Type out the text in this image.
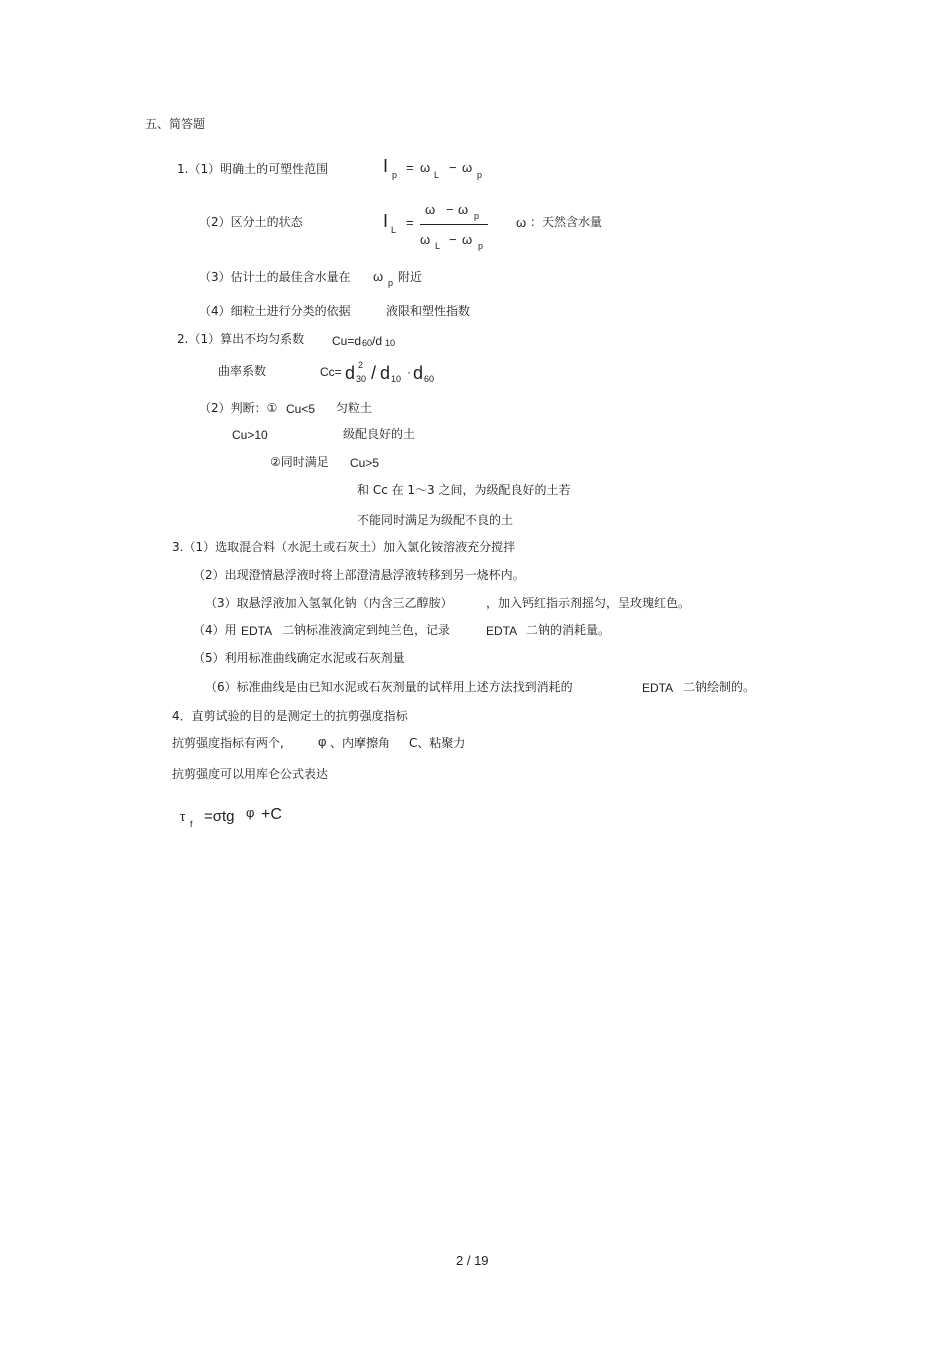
五、简答题
1.（1）明确土的可塑性范围	I p = ω L − ω p
（2）区分土的状态	I L =
ω − ω p
ω L − ω p
ω ：天然含水量
（3）估计土的最佳含水量在 ω p 附近
（4）细粒土进行分类的依据	液限和塑性指数
2.（1）算出不均匀系数 Cu=d 60 /d 10
曲率系数	Cc= d 2
30 / d 10 · d 60
（2）判断：① Cu<5 匀粒土
Cu>10	级配良好的土
②同时满足 Cu>5
和 Cc 在 1～3 之间，为级配良好的土若
不能同时满足为级配不良的土
3.（1）选取混合料（水泥土或石灰土）加入氯化铵溶液充分搅拌
（2）出现澄情悬浮液时将上部澄清悬浮液转移到另一烧杯内。
（3）取悬浮液加入氢氧化钠（内含三乙醇胺）	，加入钙红指示剂摇匀，呈玫瑰红色。
（4）用 EDTA 二钠标准液滴定到纯兰色，记录	EDTA 二钠的消耗量。
（5）利用标准曲线确定水泥或石灰剂量
（6）标准曲线是由已知水泥或石灰剂量的试样用上述方法找到消耗的	EDTA 二钠绘制的。
4．直剪试验的目的是测定土的抗剪强度指标
抗剪强度指标有两个,	φ 、内摩擦角 C、粘聚力
抗剪强度可以用库仑公式表达
τ f =σtg φ +C
2 / 19
